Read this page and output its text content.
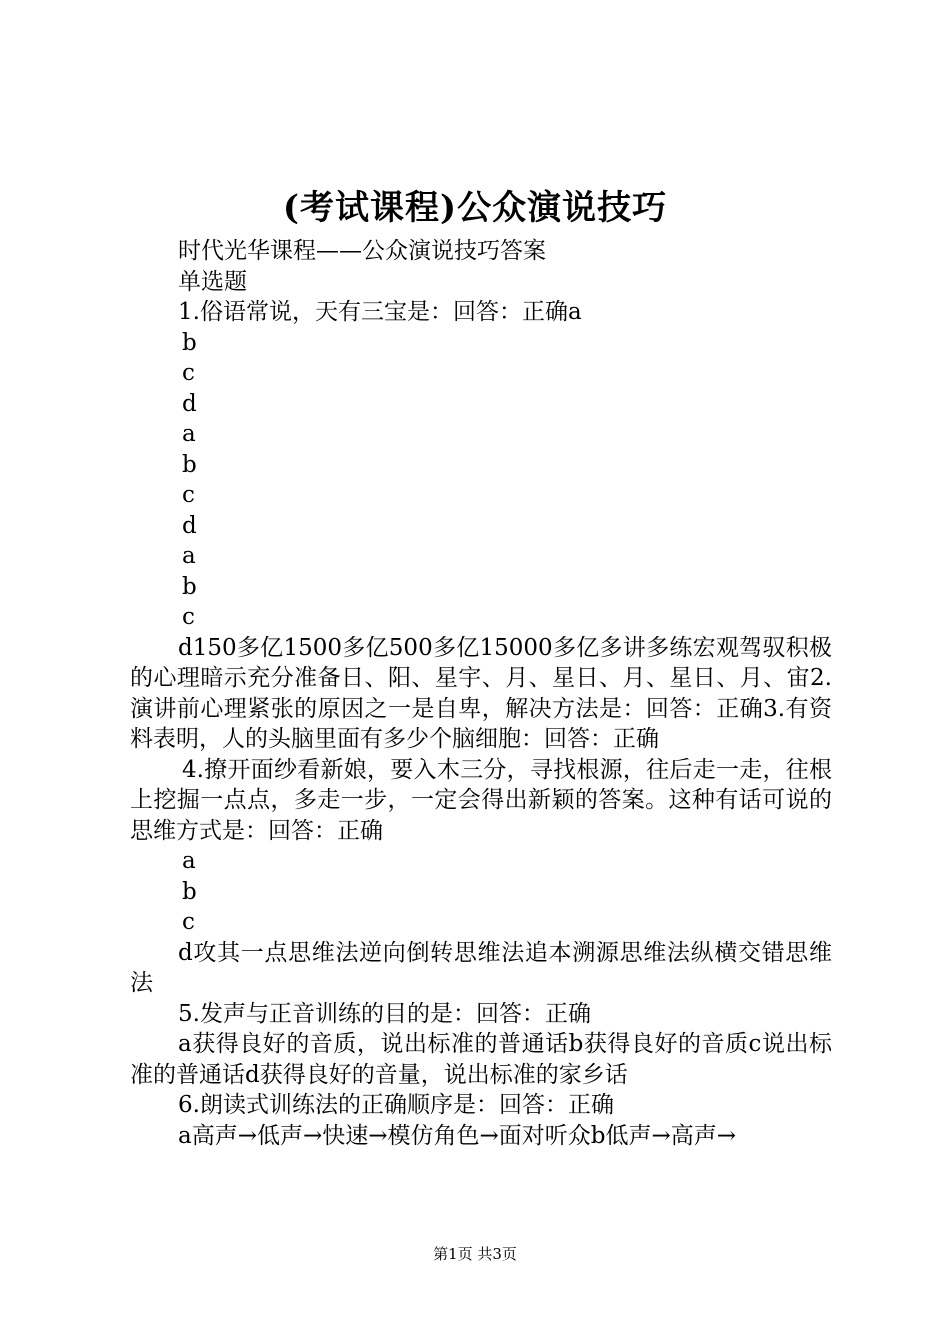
(考试课程)公众演说技巧
时代光华课程——公众演说技巧答案
单选题
1.俗语常说，天有三宝是：回答：正确a
b
c
d
a
b
c
d
a
b
c
d150多亿1500多亿500多亿15000多亿多讲多练宏观驾驭积极的心理暗示充分准备日、阳、星宇、月、星日、月、星日、月、宙2.演讲前心理紧张的原因之一是自卑，解决方法是：回答：正确3.有资料表明，人的头脑里面有多少个脑细胞：回答：正确
4.撩开面纱看新娘，要入木三分，寻找根源，往后走一走，往根上挖掘一点点，多走一步，一定会得出新颖的答案。这种有话可说的思维方式是：回答：正确
a
b
c
d攻其一点思维法逆向倒转思维法追本溯源思维法纵横交错思维法
5.发声与正音训练的目的是：回答：正确
a获得良好的音质，说出标准的普通话b获得良好的音质c说出标准的普通话d获得良好的音量，说出标准的家乡话
6.朗读式训练法的正确顺序是：回答：正确
a高声→低声→快速→模仿角色→面对听众b低声→高声→
第1页 共3页
